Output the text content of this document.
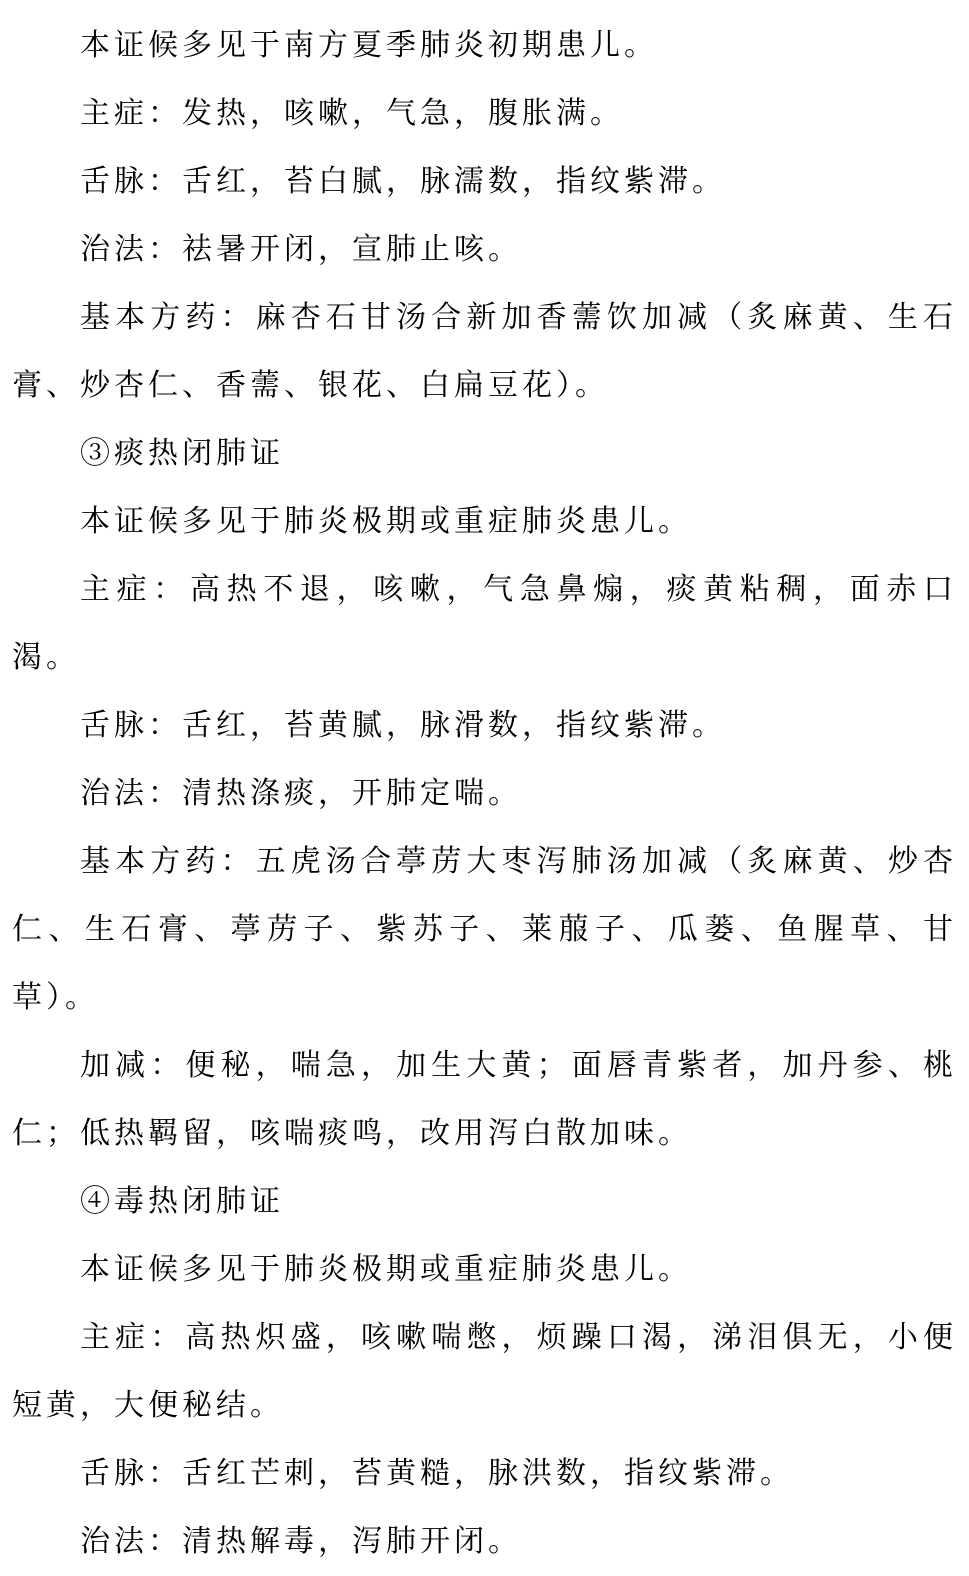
本证候多见于南方夏季肺炎初期患儿。

主症：发热，咳嗽，气急，腹胀满。

舌脉：舌红，苔白腻，脉濡数，指纹紫滞。

治法：祛暑开闭，宣肺止咳。

基本方药：麻杏石甘汤合新加香薷饮加减（炙麻黄、生石膏、炒杏仁、香薷、银花、白扁豆花）。

③痰热闭肺证

本证候多见于肺炎极期或重症肺炎患儿。

主症：高热不退，咳嗽，气急鼻煽，痰黄粘稠，面赤口渴。

舌脉：舌红，苔黄腻，脉滑数，指纹紫滞。

治法：清热涤痰，开肺定喘。

基本方药：五虎汤合葶苈大枣泻肺汤加减（炙麻黄、炒杏仁、生石膏、葶苈子、紫苏子、莱菔子、瓜蒌、鱼腥草、甘草）。

加减：便秘，喘急，加生大黄；面唇青紫者，加丹参、桃仁；低热羁留，咳喘痰鸣，改用泻白散加味。

④毒热闭肺证

本证候多见于肺炎极期或重症肺炎患儿。

主症：高热炽盛，咳嗽喘憋，烦躁口渴，涕泪俱无，小便短黄，大便秘结。

舌脉：舌红芒刺，苔黄糙，脉洪数，指纹紫滞。

治法：清热解毒，泻肺开闭。
